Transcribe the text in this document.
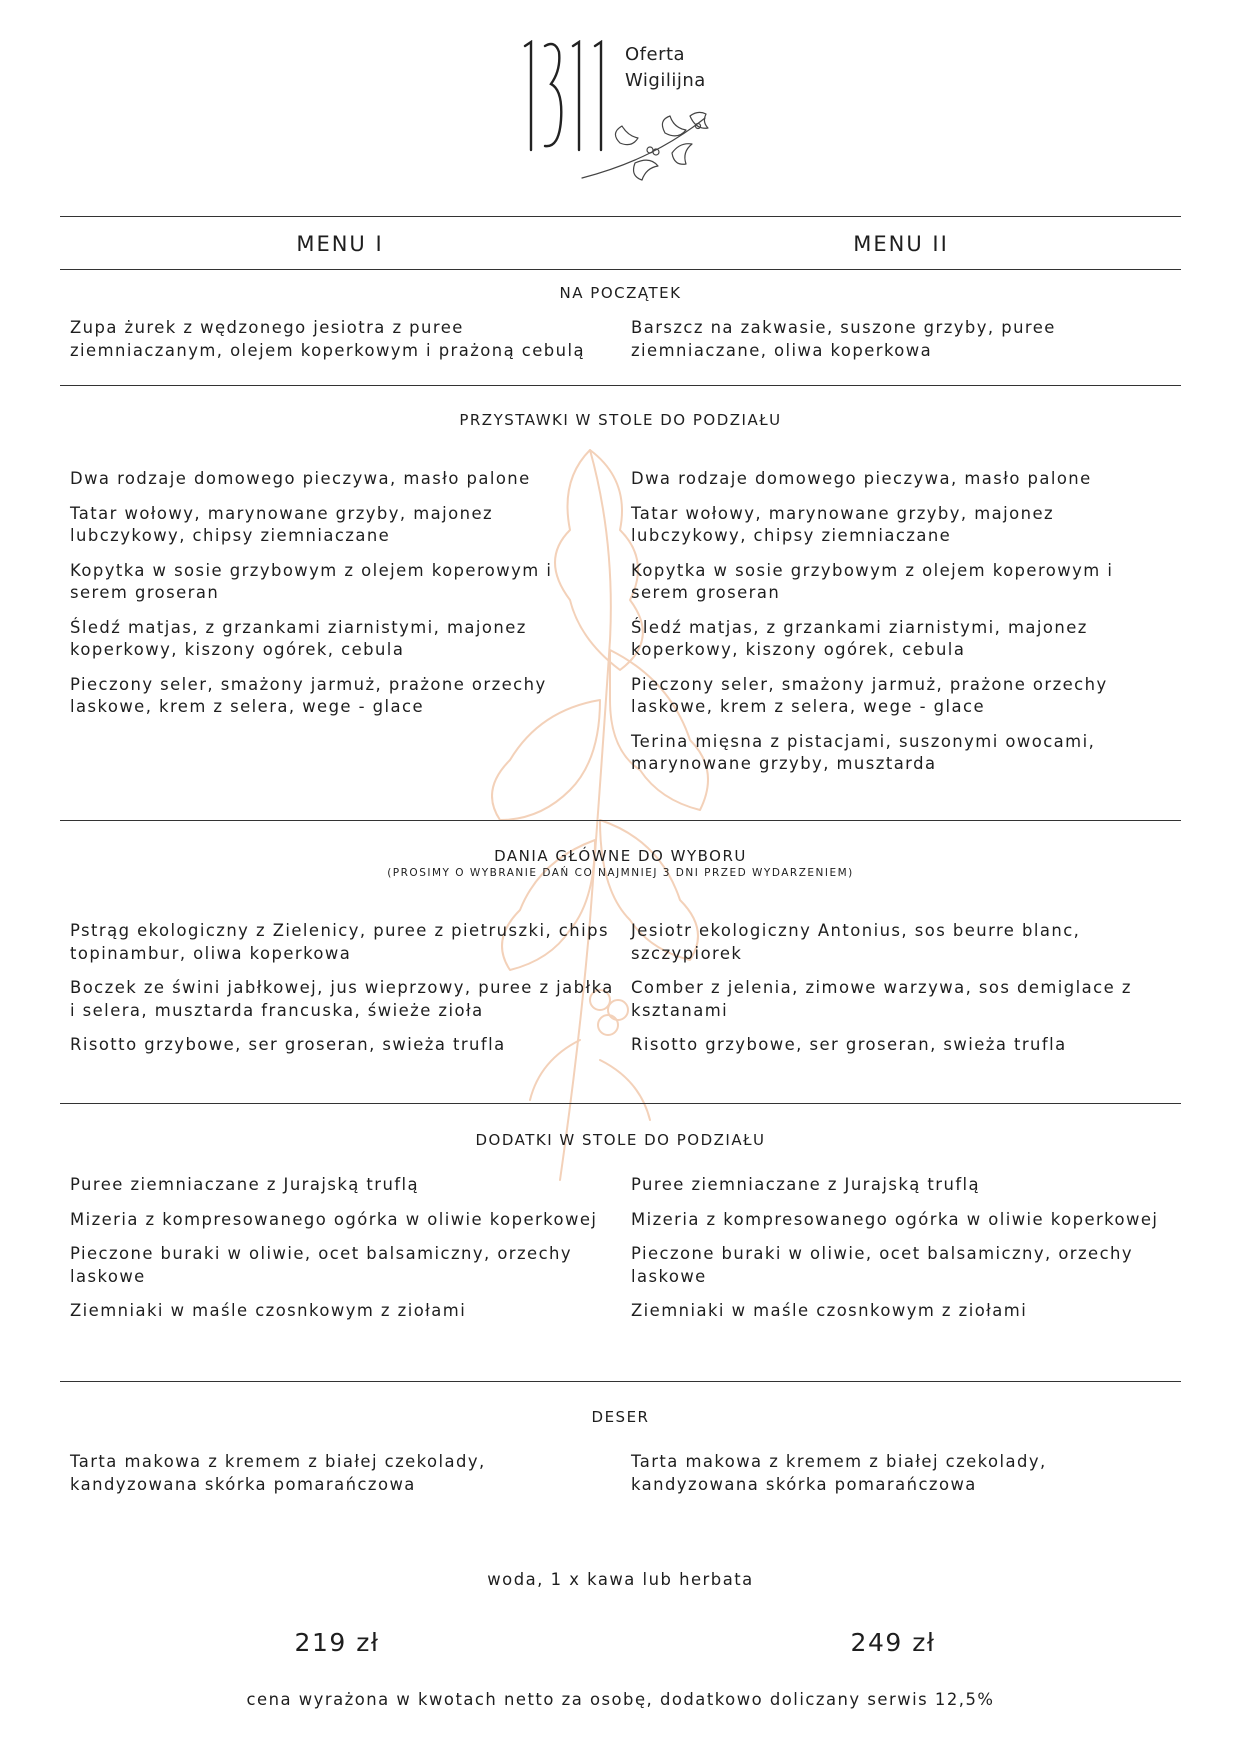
Oferta
Wigilijna
MENU I	MENU II
NA POCZĄTEK
Zupa żurek z wędzonego jesiotra z puree ziemniaczanym, olejem koperkowym i prażoną cebulą
Barszcz na zakwasie, suszone grzyby, puree ziemniaczane, oliwa koperkowa
PRZYSTAWKI W STOLE DO PODZIAŁU
Dwa rodzaje domowego pieczywa, masło palone
Tatar wołowy, marynowane grzyby, majonez lubczykowy, chipsy ziemniaczane
Kopytka w sosie grzybowym z olejem koperowym i serem groseran
Śledź matjas, z grzankami ziarnistymi, majonez koperkowy, kiszony ogórek, cebula
Pieczony seler, smażony jarmuż, prażone orzechy laskowe, krem z selera, wege - glace
Dwa rodzaje domowego pieczywa, masło palone
Tatar wołowy, marynowane grzyby, majonez lubczykowy, chipsy ziemniaczane
Kopytka w sosie grzybowym z olejem koperowym i serem groseran
Śledź matjas, z grzankami ziarnistymi, majonez koperkowy, kiszony ogórek, cebula
Pieczony seler, smażony jarmuż, prażone orzechy laskowe, krem z selera, wege - glace
Terina mięsna z pistacjami, suszonymi owocami, marynowane grzyby, musztarda
DANIA GŁÓWNE DO WYBORU
(PROSIMY O WYBRANIE DAŃ CO NAJMNIEJ 3 DNI PRZED WYDARZENIEM)
Pstrąg ekologiczny z Zielenicy, puree z pietruszki, chips topinambur, oliwa koperkowa
Boczek ze świni jabłkowej, jus wieprzowy, puree z jabłka i selera, musztarda francuska, świeże zioła
Risotto grzybowe, ser groseran, swieża trufla
Jesiotr ekologiczny Antonius, sos beurre blanc, szczypiorek
Comber z jelenia, zimowe warzywa, sos demiglace z ksztanami
Risotto grzybowe, ser groseran, swieża trufla
DODATKI W STOLE DO PODZIAŁU
Puree ziemniaczane z Jurajską truflą
Mizeria z kompresowanego ogórka w oliwie koperkowej
Pieczone buraki w oliwie, ocet balsamiczny, orzechy laskowe
Ziemniaki w maśle czosnkowym z ziołami
Puree ziemniaczane z Jurajską truflą
Mizeria z kompresowanego ogórka w oliwie koperkowej
Pieczone buraki w oliwie, ocet balsamiczny, orzechy laskowe
Ziemniaki w maśle czosnkowym z ziołami
DESER
Tarta makowa z kremem z białej czekolady, kandyzowana skórka pomarańczowa
Tarta makowa z kremem z białej czekolady, kandyzowana skórka pomarańczowa
woda, 1 x kawa lub herbata
219 zł	249 zł
cena wyrażona w kwotach netto za osobę, dodatkowo doliczany serwis 12,5%
